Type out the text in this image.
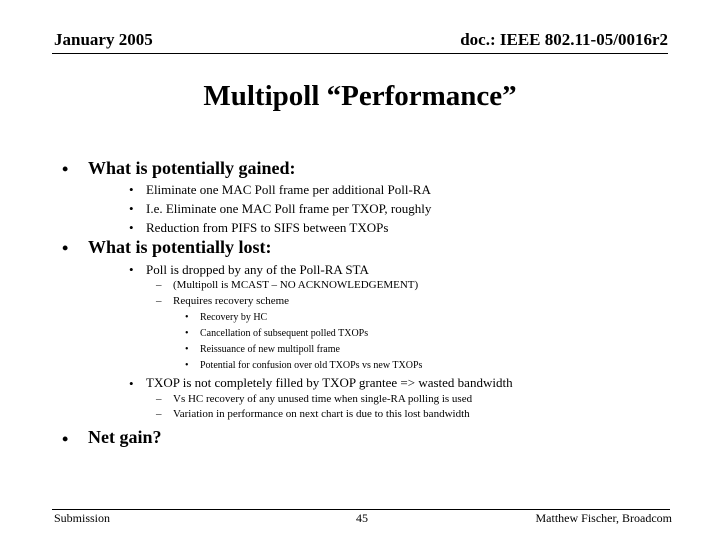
January 2005	doc.: IEEE 802.11-05/0016r2
Multipoll “Performance”
• What is potentially gained:
• Eliminate one MAC Poll frame per additional Poll-RA
• I.e. Eliminate one MAC Poll frame per TXOP, roughly
• Reduction from PIFS to SIFS between TXOPs
• What is potentially lost:
• Poll is dropped by any of the Poll-RA STA
– (Multipoll is MCAST – NO ACKNOWLEDGEMENT)
– Requires recovery scheme
• Recovery by HC
• Cancellation of subsequent polled TXOPs
• Reissuance of new multipoll frame
• Potential for confusion over old TXOPs vs new TXOPs
• TXOP is not completely filled by TXOP grantee => wasted bandwidth
– Vs HC recovery of any unused time when single-RA polling is used
– Variation in performance on next chart is due to this lost bandwidth
• Net gain?
Submission	45	Matthew Fischer, Broadcom
